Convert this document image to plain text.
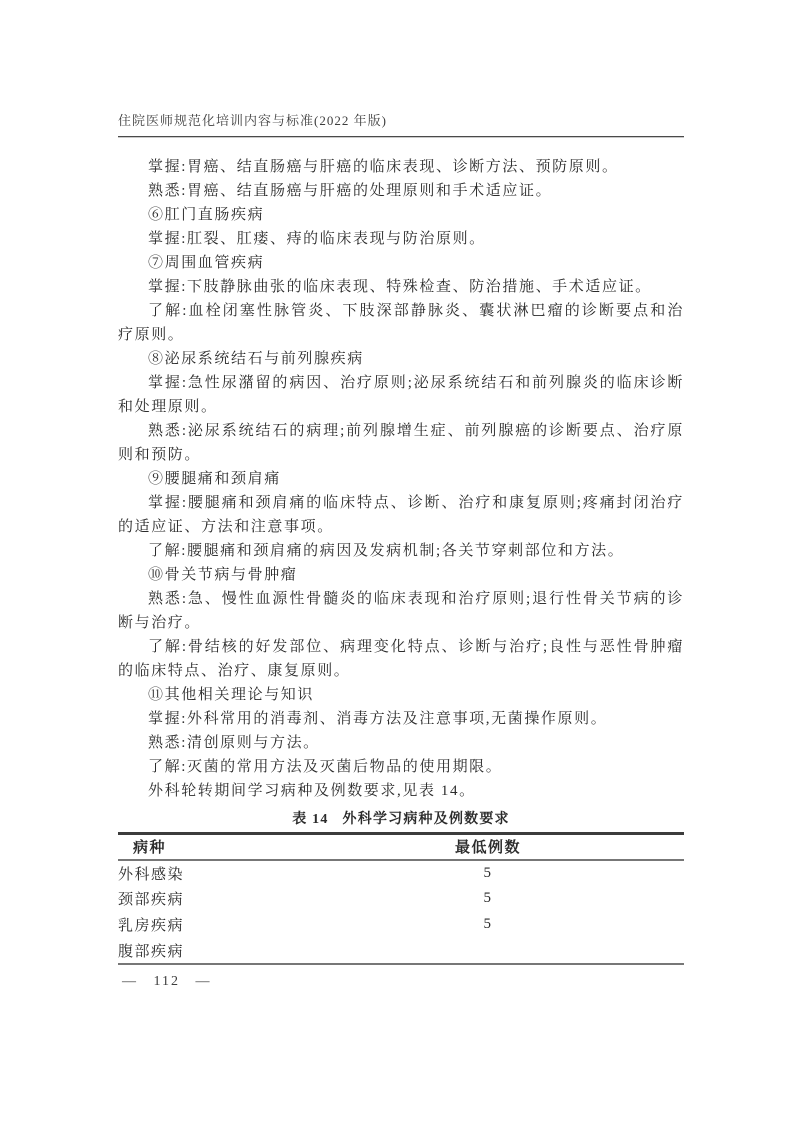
住院医师规范化培训内容与标准(2022 年版)

掌握:胃癌、结直肠癌与肝癌的临床表现、诊断方法、预防原则。

熟悉:胃癌、结直肠癌与肝癌的处理原则和手术适应证。

⑥肛门直肠疾病

掌握:肛裂、肛瘘、痔的临床表现与防治原则。

⑦周围血管疾病

掌握:下肢静脉曲张的临床表现、特殊检查、防治措施、手术适应证。

了解:血栓闭塞性脉管炎、下肢深部静脉炎、囊状淋巴瘤的诊断要点和治疗原则。

⑧泌尿系统结石与前列腺疾病

掌握:急性尿潴留的病因、治疗原则;泌尿系统结石和前列腺炎的临床诊断和处理原则。

熟悉:泌尿系统结石的病理;前列腺增生症、前列腺癌的诊断要点、治疗原则和预防。

⑨腰腿痛和颈肩痛

掌握:腰腿痛和颈肩痛的临床特点、诊断、治疗和康复原则;疼痛封闭治疗的适应证、方法和注意事项。

了解:腰腿痛和颈肩痛的病因及发病机制;各关节穿刺部位和方法。

⑩骨关节病与骨肿瘤

熟悉:急、慢性血源性骨髓炎的临床表现和治疗原则;退行性骨关节病的诊断与治疗。

了解:骨结核的好发部位、病理变化特点、诊断与治疗;良性与恶性骨肿瘤的临床特点、治疗、康复原则。

⑪其他相关理论与知识

掌握:外科常用的消毒剂、消毒方法及注意事项,无菌操作原则。

熟悉:清创原则与方法。

了解:灭菌的常用方法及灭菌后物品的使用期限。

外科轮转期间学习病种及例数要求,见表 14。

表 14 外科学习病种及例数要求
病种	最低例数	
外科感染	5	
颈部疾病	5	
乳房疾病	5	
腹部疾病		
— 112 —
